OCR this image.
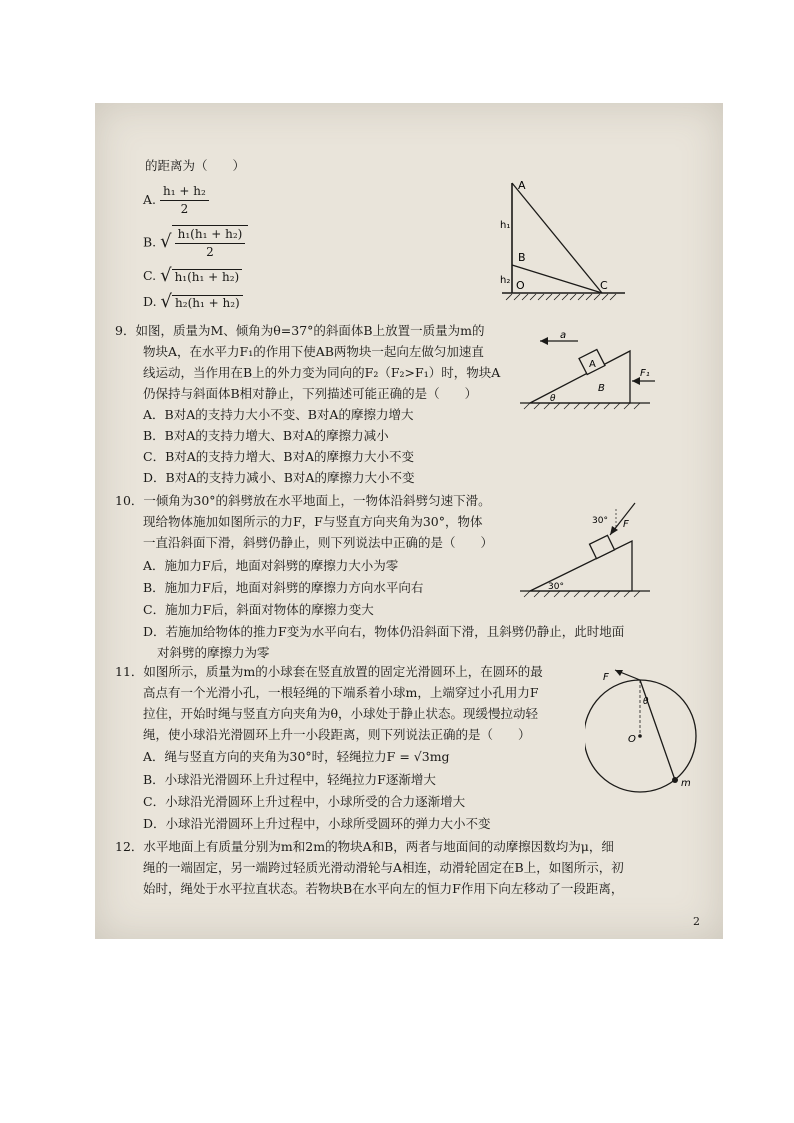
的距离为（　　）
A. $\frac{\text{h₁ + h₂}}{2}$
B. √ $\frac{\text{h₁(h₁ + h₂)}}{2}$
C. √ h₁(h₁ + h₂)
D. √ h₂(h₁ + h₂)
A
B
O	C
h₁
h₂
9．如图，质量为M、倾角为θ=37°的斜面体B上放置一质量为m的
物块A，在水平力F₁的作用下使AB两物块一起向左做匀加速直
线运动，当作用在B上的外力变为同向的F₂（F₂>F₁）时，物块A
仍保持与斜面体B相对静止，下列描述可能正确的是（　　）
A．B对A的支持力大小不变、B对A的摩擦力增大
B．B对A的支持力增大、B对A的摩擦力减小
C．B对A的支持力增大、B对A的摩擦力大小不变
D．B对A的支持力减小、B对A的摩擦力大小不变
a
A
B
θ
F₁
10．一倾角为30°的斜劈放在水平地面上，一物体沿斜劈匀速下滑。
现给物体施加如图所示的力F，F与竖直方向夹角为30°，物体
一直沿斜面下滑，斜劈仍静止，则下列说法中正确的是（　　）
A．施加力F后，地面对斜劈的摩擦力大小为零
B．施加力F后，地面对斜劈的摩擦力方向水平向右
C．施加力F后，斜面对物体的摩擦力变大
D．若施加给物体的推力F变为水平向右，物体仍沿斜面下滑，且斜劈仍静止，此时地面
对斜劈的摩擦力为零
30° F
30°
11．如图所示，质量为m的小球套在竖直放置的固定光滑圆环上，在圆环的最
高点有一个光滑小孔，一根轻绳的下端系着小球m，上端穿过小孔用力F
拉住，开始时绳与竖直方向夹角为θ，小球处于静止状态。现缓慢拉动轻
绳，使小球沿光滑圆环上升一小段距离，则下列说法正确的是（　　）
A．绳与竖直方向的夹角为30°时，轻绳拉力F = √3mg
B．小球沿光滑圆环上升过程中，轻绳拉力F逐渐增大
C．小球沿光滑圆环上升过程中，小球所受的合力逐渐增大
D．小球沿光滑圆环上升过程中，小球所受圆环的弹力大小不变
F
θ
O
m
12．水平地面上有质量分别为m和2m的物块A和B，两者与地面间的动摩擦因数均为μ，细
绳的一端固定，另一端跨过轻质光滑动滑轮与A相连，动滑轮固定在B上，如图所示，初
始时，绳处于水平拉直状态。若物块B在水平向左的恒力F作用下向左移动了一段距离，
2
